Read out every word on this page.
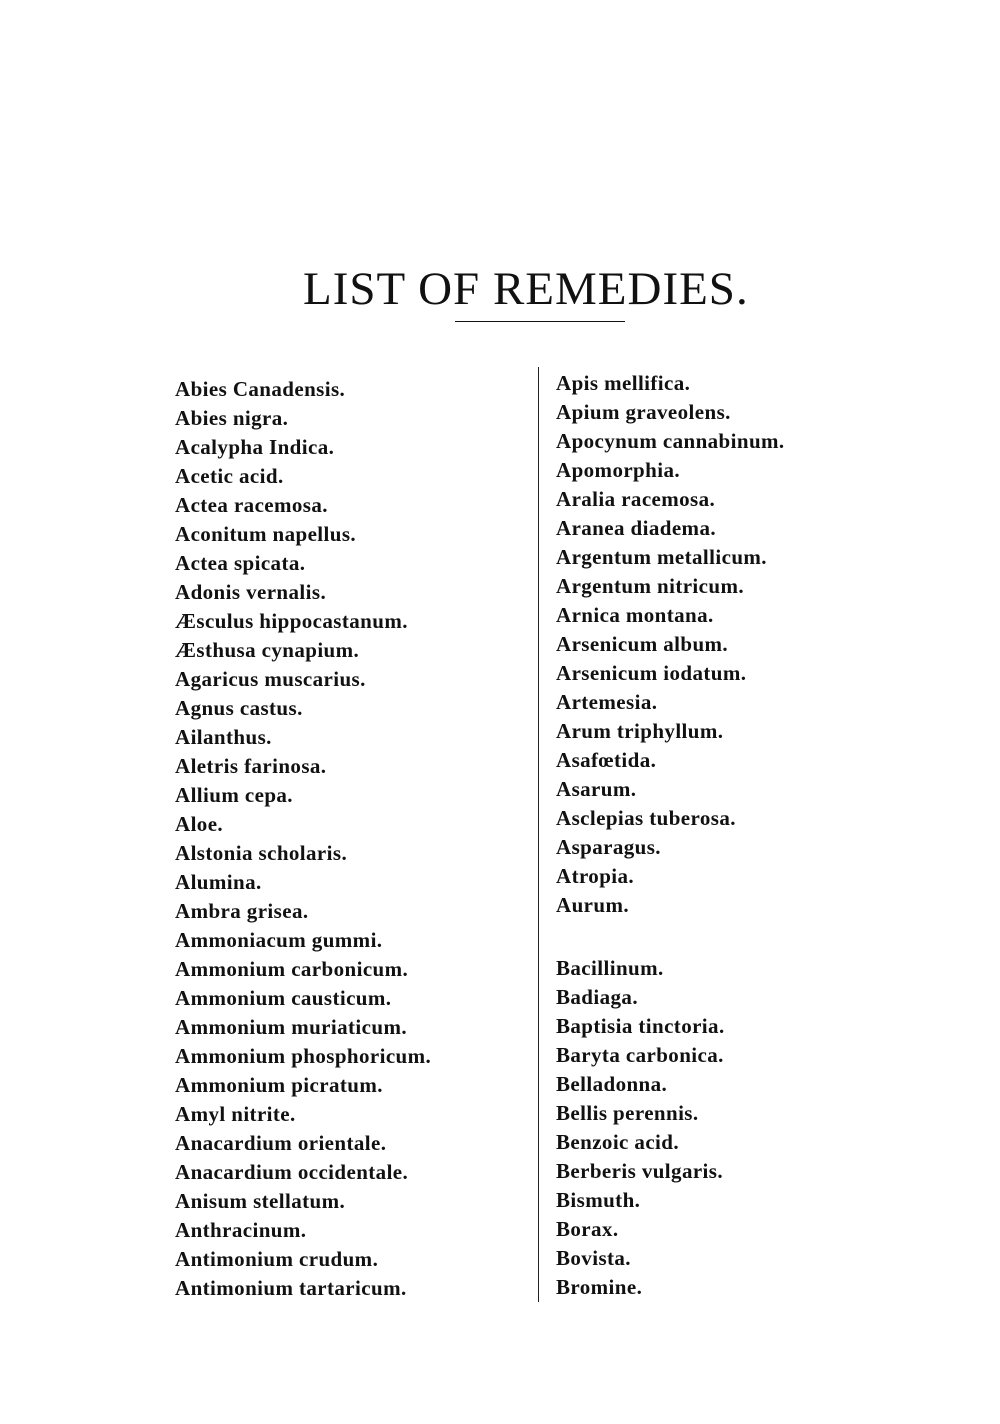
LIST OF REMEDIES.
Abies Canadensis.
Abies nigra.
Acalypha Indica.
Acetic acid.
Actea racemosa.
Aconitum napellus.
Actea spicata.
Adonis vernalis.
Æsculus hippocastanum.
Æsthusa cynapium.
Agaricus muscarius.
Agnus castus.
Ailanthus.
Aletris farinosa.
Allium cepa.
Aloe.
Alstonia scholaris.
Alumina.
Ambra grisea.
Ammoniacum gummi.
Ammonium carbonicum.
Ammonium causticum.
Ammonium muriaticum.
Ammonium phosphoricum.
Ammonium picratum.
Amyl nitrite.
Anacardium orientale.
Anacardium occidentale.
Anisum stellatum.
Anthracinum.
Antimonium crudum.
Antimonium tartaricum.
Apis mellifica.
Apium graveolens.
Apocynum cannabinum.
Apomorphia.
Aralia racemosa.
Aranea diadema.
Argentum metallicum.
Argentum nitricum.
Arnica montana.
Arsenicum album.
Arsenicum iodatum.
Artemesia.
Arum triphyllum.
Asafœtida.
Asarum.
Asclepias tuberosa.
Asparagus.
Atropia.
Aurum.
Bacillinum.
Badiaga.
Baptisia tinctoria.
Baryta carbonica.
Belladonna.
Bellis perennis.
Benzoic acid.
Berberis vulgaris.
Bismuth.
Borax.
Bovista.
Bromine.
